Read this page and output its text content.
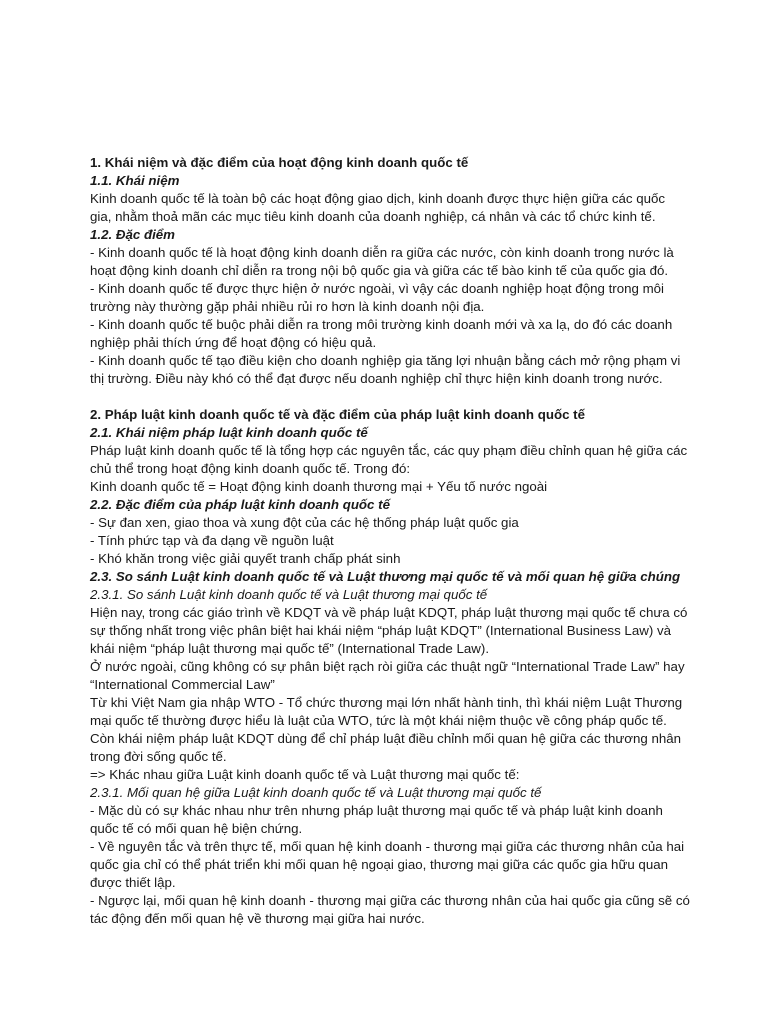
1. Khái niệm và đặc điểm của hoạt động kinh doanh quốc tế

1.1. Khái niệm

Kinh doanh quốc tế là toàn bộ các hoạt động giao dịch, kinh doanh được thực hiện giữa các quốc gia, nhằm thoả mãn các mục tiêu kinh doanh của doanh nghiệp, cá nhân và các tổ chức kinh tế.

1.2. Đặc điểm

- Kinh doanh quốc tế là hoạt động kinh doanh diễn ra giữa các nước, còn kinh doanh trong nước là hoạt động kinh doanh chỉ diễn ra trong nội bộ quốc gia và giữa các tế bào kinh tế của quốc gia đó.

- Kinh doanh quốc tế được thực hiện ở nước ngoài, vì vậy các doanh nghiệp hoạt động trong môi trường này thường gặp phải nhiều rủi ro hơn là kinh doanh nội địa.

- Kinh doanh quốc tế buộc phải diễn ra trong môi trường kinh doanh mới và xa lạ, do đó các doanh nghiệp phải thích ứng để hoạt động có hiệu quả.

- Kinh doanh quốc tế tạo điều kiện cho doanh nghiệp gia tăng lợi nhuận bằng cách mở rộng phạm vi thị trường. Điều này khó có thể đạt được nếu doanh nghiệp chỉ thực hiện kinh doanh trong nước.

2. Pháp luật kinh doanh quốc tế và đặc điểm của pháp luật kinh doanh quốc tế

2.1. Khái niệm pháp luật kinh doanh quốc tế

Pháp luật kinh doanh quốc tế là tổng hợp các nguyên tắc, các quy phạm điều chỉnh quan hệ giữa các chủ thể trong hoạt động kinh doanh quốc tế. Trong đó:

Kinh doanh quốc tế = Hoạt động kinh doanh thương mại + Yếu tố nước ngoài

2.2. Đặc điểm của pháp luật kinh doanh quốc tế

- Sự đan xen, giao thoa và xung đột của các hệ thống pháp luật quốc gia

- Tính phức tạp và đa dạng về nguồn luật

- Khó khăn trong việc giải quyết tranh chấp phát sinh

2.3. So sánh Luật kinh doanh quốc tế và Luật thương mại quốc tế và mối quan hệ giữa chúng

2.3.1. So sánh Luật kinh doanh quốc tế và Luật thương mại quốc tế

Hiện nay, trong các giáo trình về KDQT và về pháp luật KDQT, pháp luật thương mại quốc tế chưa có sự thống nhất trong việc phân biệt hai khái niệm “pháp luật KDQT” (International Business Law) và khái niệm “pháp luật thương mại quốc tế” (International Trade Law).

Ở nước ngoài, cũng không có sự phân biệt rạch ròi giữa các thuật ngữ “International Trade Law” hay “International Commercial Law”

Từ khi Việt Nam gia nhập WTO - Tổ chức thương mại lớn nhất hành tinh, thì khái niệm Luật Thương mại quốc tế thường được hiểu là luật của WTO, tức là một khái niệm thuộc về công pháp quốc tế. Còn khái niệm pháp luật KDQT dùng để chỉ pháp luật điều chỉnh mối quan hệ giữa các thương nhân trong đời sống quốc tế.

=> Khác nhau giữa Luật kinh doanh quốc tế và Luật thương mại quốc tế:

2.3.1. Mối quan hệ giữa Luật kinh doanh quốc tế và Luật thương mại quốc tế

- Mặc dù có sự khác nhau như trên nhưng pháp luật thương mại quốc tế và pháp luật kinh doanh quốc tế có mối quan hệ biện chứng.

- Về nguyên tắc và trên thực tế, mối quan hệ kinh doanh - thương mại giữa các thương nhân của hai quốc gia chỉ có thể phát triển khi mối quan hệ ngoại giao, thương mại giữa các quốc gia hữu quan được thiết lập.

- Ngược lại, mối quan hệ kinh doanh - thương mại giữa các thương nhân của hai quốc gia cũng sẽ có tác động đến mối quan hệ về thương mại giữa hai nước.
